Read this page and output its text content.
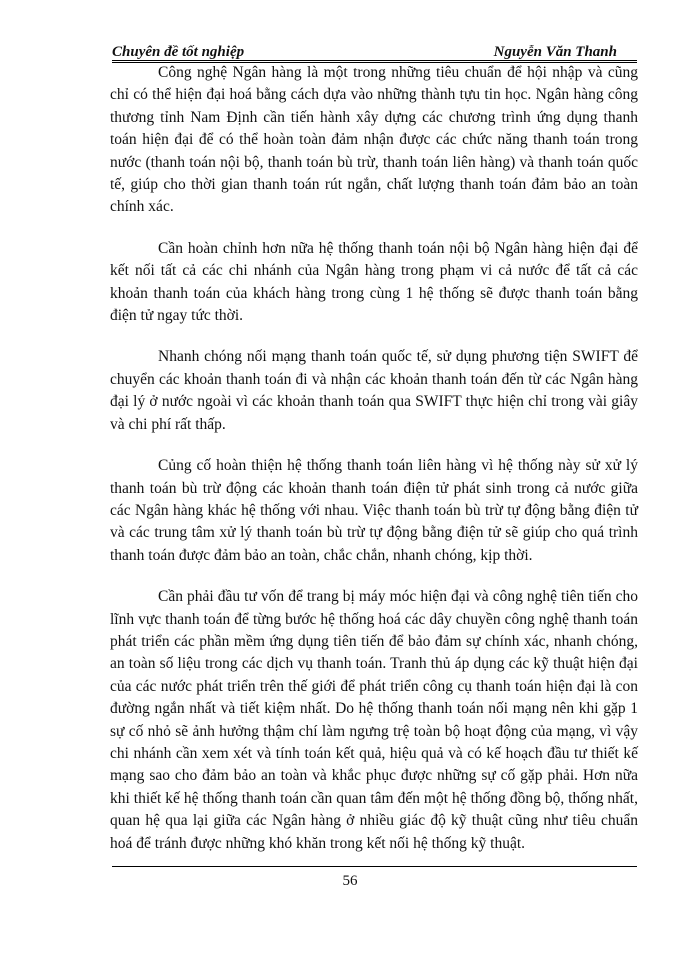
Chuyên đề tốt nghiệp	Nguyễn Văn Thanh

Công nghệ Ngân hàng là một trong những tiêu chuẩn để hội nhập và cũng chỉ có thể hiện đại hoá bằng cách dựa vào những thành tựu tin học. Ngân hàng công thương tỉnh Nam Định cần tiến hành xây dựng các chương trình ứng dụng thanh toán hiện đại để có thể hoàn toàn đảm nhận được các chức năng thanh toán trong nước (thanh toán nội bộ, thanh toán bù trừ, thanh toán liên hàng) và thanh toán quốc tế, giúp cho thời gian thanh toán rút ngắn, chất lượng thanh toán đảm bảo an toàn chính xác.

Cần hoàn chỉnh hơn nữa hệ thống thanh toán nội bộ Ngân hàng hiện đại để kết nối tất cả các chi nhánh của Ngân hàng trong phạm vi cả nước để tất cả các khoản thanh toán của khách hàng trong cùng 1 hệ thống sẽ được thanh toán bằng điện tử ngay tức thời.

Nhanh chóng nối mạng thanh toán quốc tế, sử dụng phương tiện SWIFT để chuyển các khoản thanh toán đi và nhận các khoản thanh toán đến từ các Ngân hàng đại lý ở nước ngoài vì các khoản thanh toán qua SWIFT thực hiện chỉ trong vài giây và chi phí rất thấp.

Củng cố hoàn thiện hệ thống thanh toán liên hàng vì hệ thống này sử xử lý thanh toán bù trừ động các khoản thanh toán điện tử phát sinh trong cả nước giữa các Ngân hàng khác hệ thống với nhau. Việc thanh toán bù trừ tự động bằng điện tử và các trung tâm xử lý thanh toán bù trừ tự động bằng điện tử sẽ giúp cho quá trình thanh toán được đảm bảo an toàn, chắc chắn, nhanh chóng, kịp thời.

Cần phải đầu tư vốn để trang bị máy móc hiện đại và công nghệ tiên tiến cho lĩnh vực thanh toán để từng bước hệ thống hoá các dây chuyền công nghệ thanh toán phát triển các phần mềm ứng dụng tiên tiến để bảo đảm sự chính xác, nhanh chóng, an toàn số liệu trong các dịch vụ thanh toán. Tranh thủ áp dụng các kỹ thuật hiện đại của các nước phát triển trên thế giới để phát triển công cụ thanh toán hiện đại là con đường ngắn nhất và tiết kiệm nhất. Do hệ thống thanh toán nối mạng nên khi gặp 1 sự cố nhỏ sẽ ảnh hưởng thậm chí làm ngưng trệ toàn bộ hoạt động của mạng, vì vậy chi nhánh cần xem xét và tính toán kết quả, hiệu quả và có kế hoạch đầu tư thiết kế mạng sao cho đảm bảo an toàn và khắc phục được những sự cố gặp phải. Hơn nữa khi thiết kế hệ thống thanh toán cần quan tâm đến một hệ thống đồng bộ, thống nhất, quan hệ qua lại giữa các Ngân hàng ở nhiều giác độ kỹ thuật cũng như tiêu chuẩn hoá để tránh được những khó khăn trong kết nối hệ thống kỹ thuật.

56
